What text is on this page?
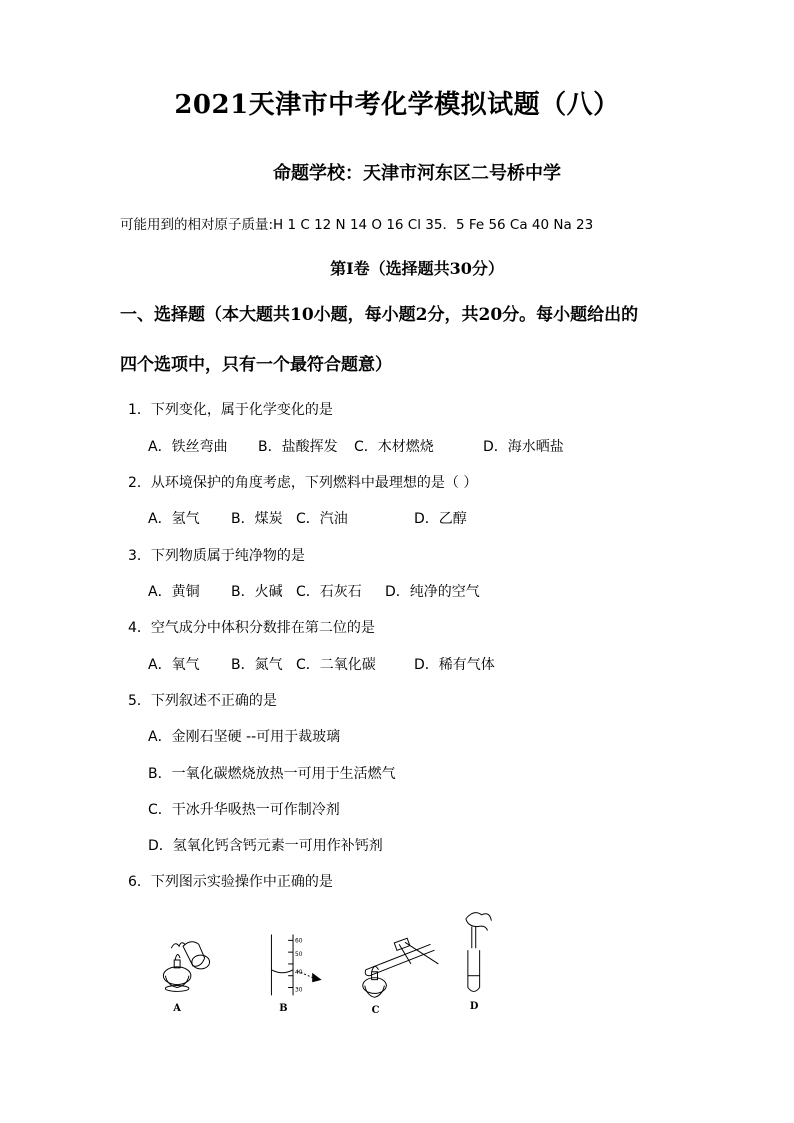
2021天津市中考化学模拟试题（八）
命题学校：天津市河东区二号桥中学
可能用到的相对原子质量:H 1 C 12 N 14 O 16 Cl 35．5 Fe 56 Ca 40 Na 23
第I卷（选择题共30分）
一、选择题（本大题共10小题，每小题2分，共20分。每小题给出的
四个选项中，只有一个最符合题意）
1．下列变化，属于化学变化的是
A．铁丝弯曲 B．盐酸挥发 C．木材燃烧	D．海水晒盐
2．从环境保护的角度考虑，下列燃料中最理想的是（ ）
A．氢气 B．煤炭 C．汽油	D．乙醇
3．下列物质属于纯净物的是
A．黄铜 B．火碱 C．石灰石 D．纯净的空气
4．空气成分中体积分数排在第二位的是
A．氧气 B．氮气 C．二氧化碳	D．稀有气体
5．下列叙述不正确的是
A．金刚石坚硬 --可用于裁玻璃
B．一氧化碳燃烧放热一可用于生活燃气
C．干冰升华吸热一可作制冷剂
D．氢氧化钙含钙元素一可用作补钙剂
6．下列图示实验操作中正确的是
A
60
50
40
30
B	C	D
